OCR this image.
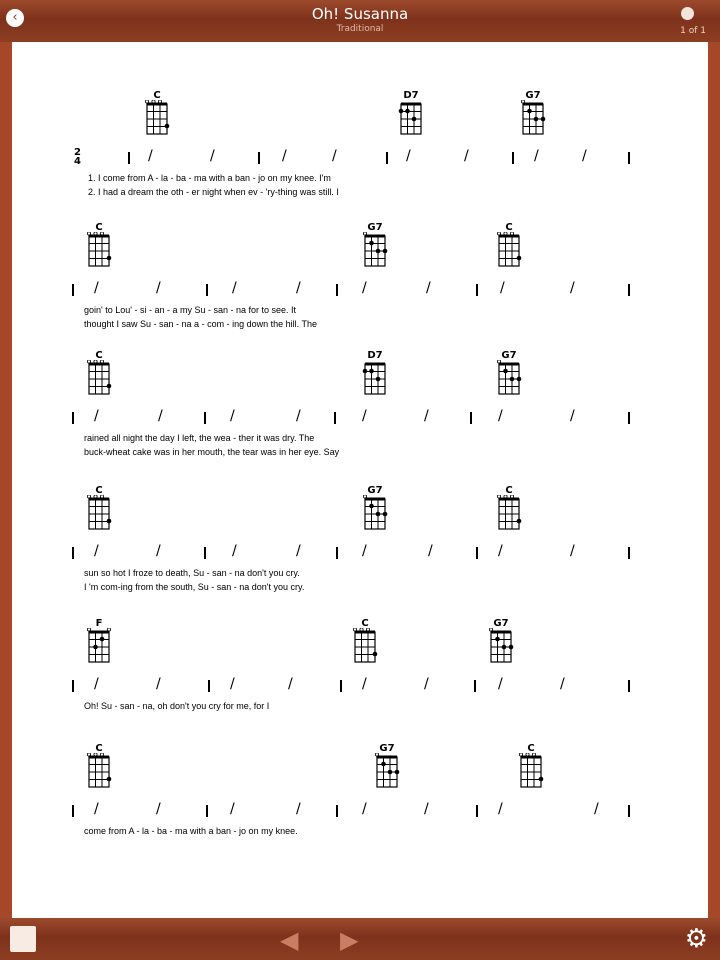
‹	Oh! Susanna
Traditional	1 of 1
2
4
C	D7	G7
/	/	/	/	/	/	/	/
1. I come from A - la - ba - ma with a ban - jo on my knee. I'm
2. I had a dream the oth - er night when ev - 'ry-thing was still. I
C	G7	C
/	/	/	/	/	/	/	/
goin' to Lou' - si - an - a my Su - san - na for to see. It
thought I saw Su - san - na a - com - ing down the hill. The
C	D7	G7
/	/	/	/	/	/	/	/
rained all night the day I left, the wea - ther it was dry. The
buck-wheat cake was in her mouth, the tear was in her eye. Say
C	G7	C
/	/	/	/	/	/	/	/
sun so hot I froze to death, Su - san - na don't you cry.
I 'm com-ing from the south, Su - san - na don't you cry.
F	C	G7
/	/	/	/	/	/	/	/
Oh! Su - san - na, oh don't you cry for me, for I
C	G7	C
/	/	/	/	/	/	/	/
come from A - la - ba - ma with a ban - jo on my knee.
◀ ▶	⚙
